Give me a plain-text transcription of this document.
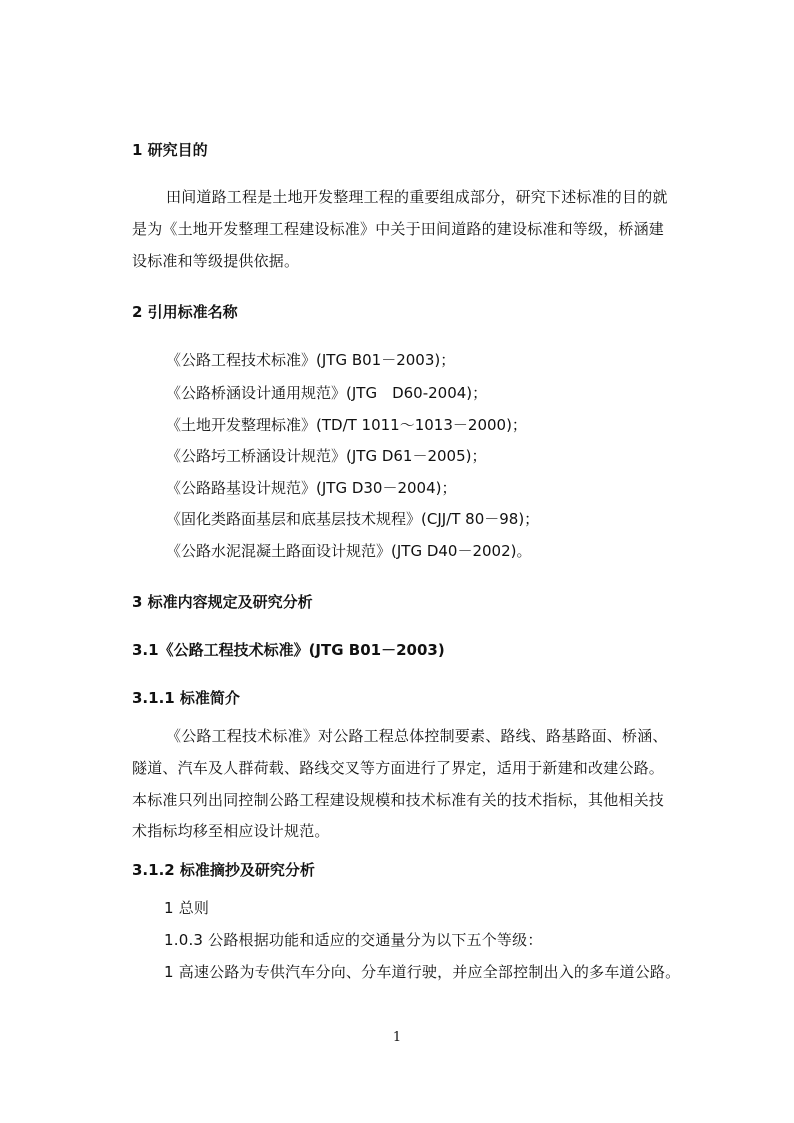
1 研究目的
田间道路工程是土地开发整理工程的重要组成部分，研究下述标准的目的就
是为《土地开发整理工程建设标准》中关于田间道路的建设标准和等级，桥涵建
设标准和等级提供依据。
2 引用标准名称
《公路工程技术标准》(JTG B01－2003)；
《公路桥涵设计通用规范》(JTG　D60-2004)；
《土地开发整理标准》(TD/T 1011～1013－2000)；
《公路圬工桥涵设计规范》(JTG D61－2005)；
《公路路基设计规范》(JTG D30－2004)；
《固化类路面基层和底基层技术规程》(CJJ/T 80－98)；
《公路水泥混凝土路面设计规范》(JTG D40－2002)。
3 标准内容规定及研究分析
3.1《公路工程技术标准》(JTG B01－2003)
3.1.1 标准简介
《公路工程技术标准》对公路工程总体控制要素、路线、路基路面、桥涵、
隧道、汽车及人群荷载、路线交叉等方面进行了界定，适用于新建和改建公路。
本标准只列出同控制公路工程建设规模和技术标准有关的技术指标，其他相关技
术指标均移至相应设计规范。
3.1.2 标准摘抄及研究分析
1 总则
1.0.3 公路根据功能和适应的交通量分为以下五个等级：
1 高速公路为专供汽车分向、分车道行驶，并应全部控制出入的多车道公路。
1
